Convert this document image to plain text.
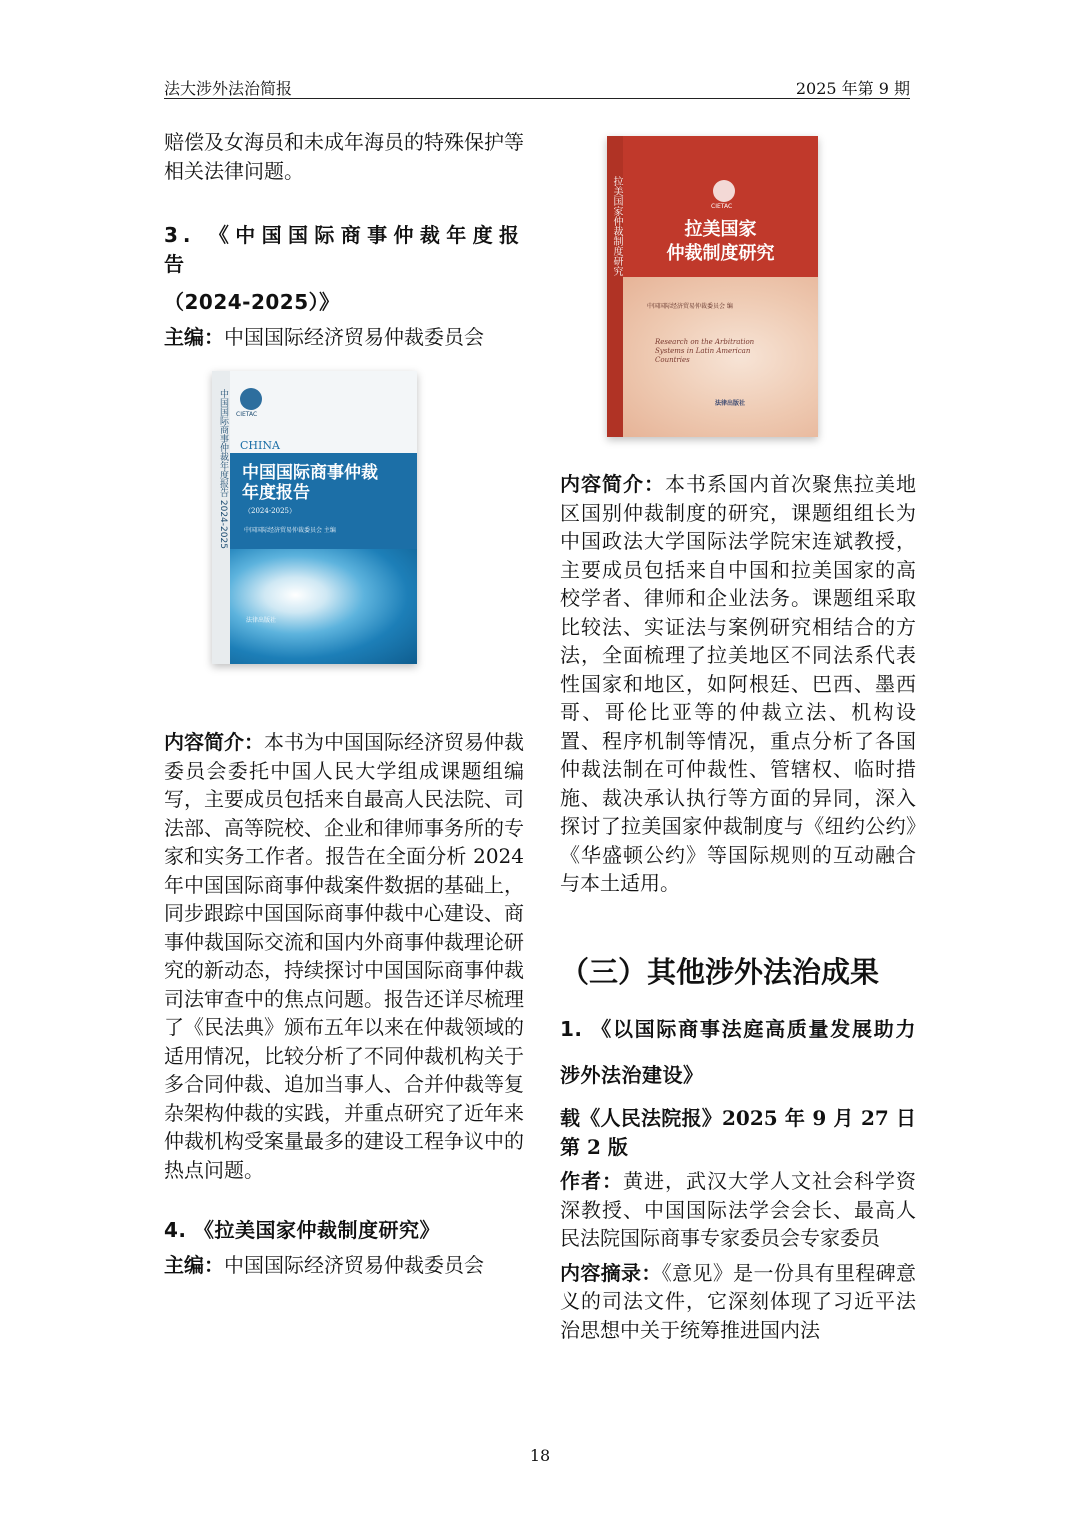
法大涉外法治简报	2025 年第 9 期

赔偿及女海员和未成年海员的特殊保护等相关法律问题。

3. 《中国国际商事仲裁年度报告

（2024-2025）》

主编：中国国际经济贸易仲裁委员会

内容简介：本书为中国国际经济贸易仲裁委员会委托中国人民大学组成课题组编写，主要成员包括来自最高人民法院、司法部、高等院校、企业和律师事务所的专家和实务工作者。报告在全面分析 2024 年中国国际商事仲裁案件数据的基础上，同步跟踪中国国际商事仲裁中心建设、商事仲裁国际交流和国内外商事仲裁理论研究的新动态，持续探讨中国国际商事仲裁司法审查中的焦点问题。报告还详尽梳理了《民法典》颁布五年以来在仲裁领域的适用情况，比较分析了不同仲裁机构关于多合同仲裁、追加当事人、合并仲裁等复杂架构仲裁的实践，并重点研究了近年来仲裁机构受案量最多的建设工程争议中的热点问题。

4. 《拉美国家仲裁制度研究》

主编：中国国际经济贸易仲裁委员会

中国国际商事仲裁年度报告 2024-2025 CIETAC
CHINA
中国国际商事仲裁
年度报告
（2024-2025）
中国国际经济贸易仲裁委员会 主编
法律出版社
拉美国家仲裁制度研究	CIETAC
拉美国家
仲裁制度研究
中国国际经济贸易仲裁委员会 编
Research on the Arbitration Systems in Latin American Countries
法律出版社

内容简介：本书系国内首次聚焦拉美地区国别仲裁制度的研究，课题组组长为中国政法大学国际法学院宋连斌教授，主要成员包括来自中国和拉美国家的高校学者、律师和企业法务。课题组采取比较法、实证法与案例研究相结合的方法，全面梳理了拉美地区不同法系代表性国家和地区，如阿根廷、巴西、墨西哥、哥伦比亚等的仲裁立法、机构设置、程序机制等情况，重点分析了各国仲裁法制在可仲裁性、管辖权、临时措施、裁决承认执行等方面的异同，深入探讨了拉美国家仲裁制度与《纽约公约》《华盛顿公约》等国际规则的互动融合与本土适用。

（三）其他涉外法治成果

1. 《以国际商事法庭高质量发展助力涉外法治建设》

载《人民法院报》2025 年 9 月 27 日第 2 版

作者：黄进，武汉大学人文社会科学资深教授、中国国际法学会会长、最高人民法院国际商事专家委员会专家委员

内容摘录：《意见》是一份具有里程碑意义的司法文件，它深刻体现了习近平法治思想中关于统筹推进国内法

18
